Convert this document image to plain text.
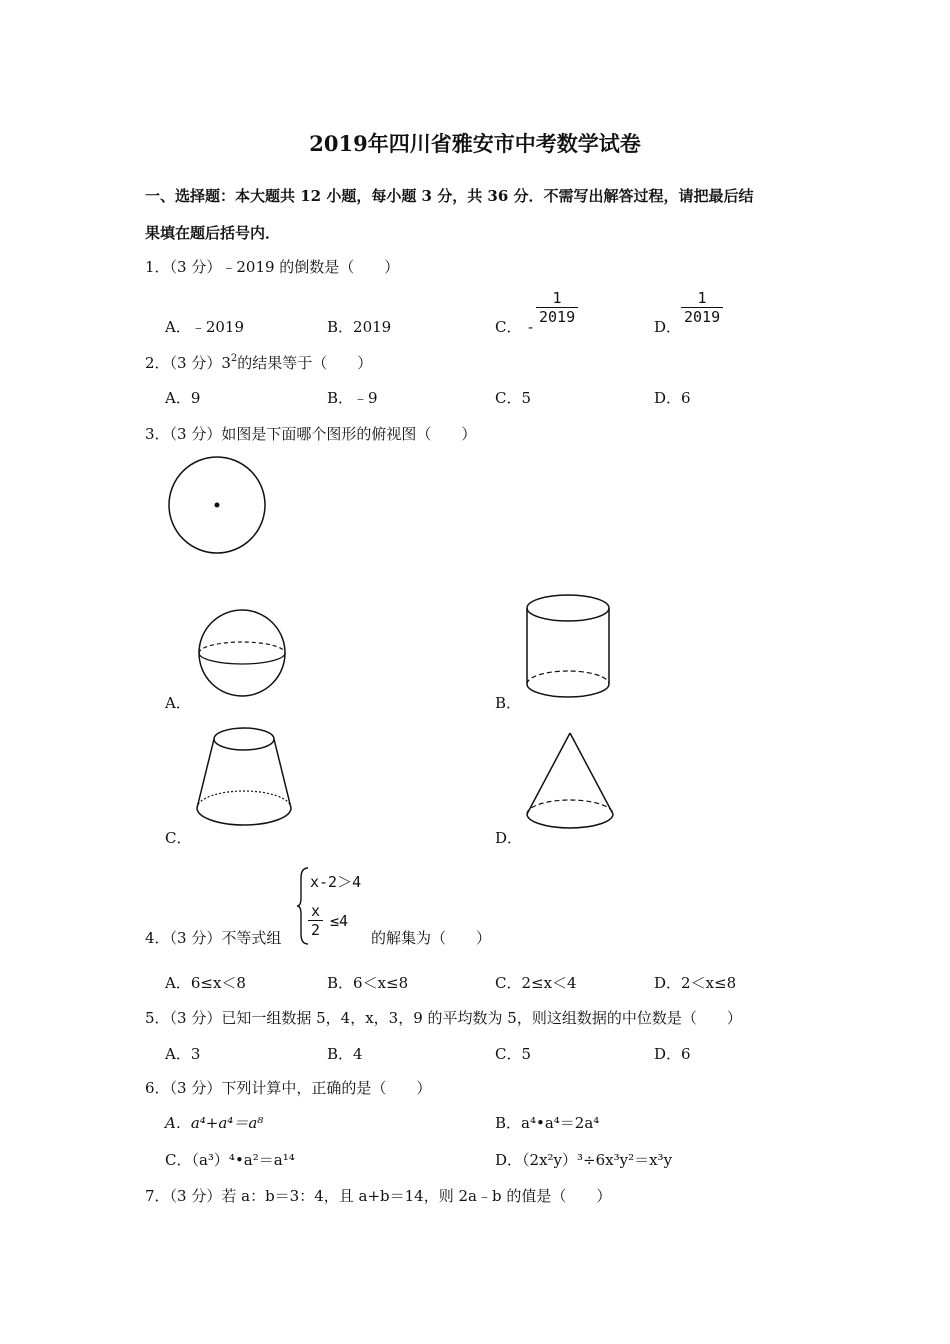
2019年四川省雅安市中考数学试卷
一、选择题：本大题共 12 小题，每小题 3 分，共 36 分．不需写出解答过程，请把最后结
果填在题后括号内．
1．（3 分）﹣2019 的倒数是（　　）
A．﹣2019	B．2019	C． -
$\frac{1}{2019}$
D．
$\frac{1}{2019}$
2．（3 分）$3^2$的结果等于（　　）
A．9	B．﹣9	C．5	D．6
3．（3 分）如图是下面哪个图形的俯视图（　　）
A．	B．
C．	D．
4．（3 分）不等式组
x-2＞4
$\frac{x}{2} \le 4$
的解集为（　　）
A．6≤x＜8	B．6＜x≤8	C．2≤x＜4	D．2＜x≤8
5．（3 分）已知一组数据 5，4，x，3，9 的平均数为 5，则这组数据的中位数是（　　）
A．3	B．4	C．5	D．6
6．（3 分）下列计算中，正确的是（　　）
A．a⁴+a⁴＝a⁸	B．a⁴•a⁴＝2a⁴
C．（a³）⁴•a²＝a¹⁴	D．（2x²y）³÷6x³y²＝x³y
7．（3 分）若 a：b＝3：4，且 a+b＝14，则 2a﹣b 的值是（　　）
